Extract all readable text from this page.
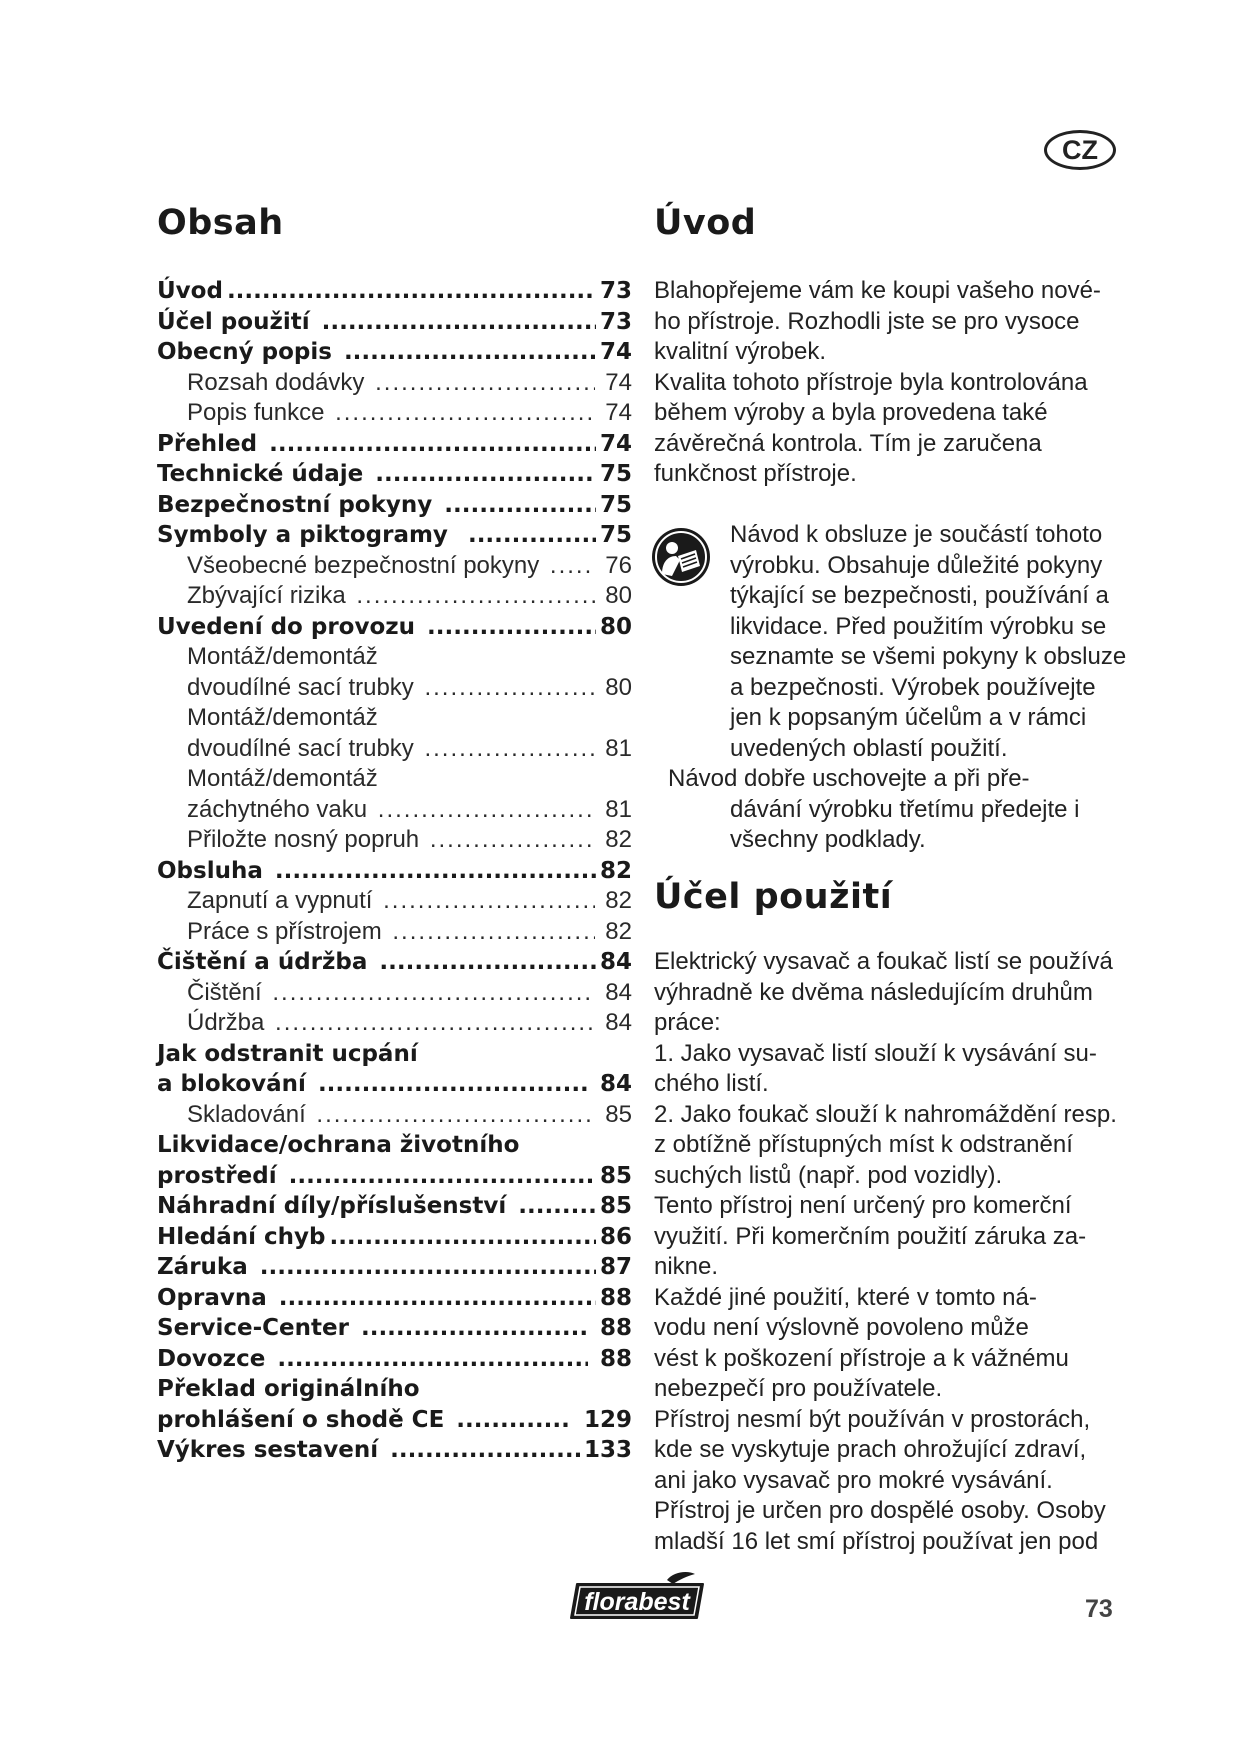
CZ
Obsah
Úvod .....	73
Účel použití .....	73
Obecný popis .....	74
Rozsah dodávky .....	74
Popis funkce .....	74
Přehled .....	74
Technické údaje .....	75
Bezpečnostní pokyny .....	75
Symboly a piktogramy .....	75
Všeobecné bezpečnostní pokyny ..... 76
Zbývající rizika .....	80
Uvedení do provozu .....	80
Montáž/demontáž
dvoudílné sací trubky .....	80
Montáž/demontáž
dvoudílné sací trubky .....	81
Montáž/demontáž
záchytného vaku .....	81
Přiložte nosný popruh .....	82
Obsluha .....	82
Zapnutí a vypnutí .....	82
Práce s přístrojem .....	82
Čištění a údržba .....	84
Čištění .....	84
Údržba .....	84
Jak odstranit ucpání
a blokování .....	84
Skladování .....	85
Likvidace/ochrana životního
prostředí .....	85
Náhradní díly/příslušenství .....	85
Hledání chyb .....	86
Záruka .....	87
Opravna .....	88
Service-Center .....	88
Dovozce .....	88
Překlad originálního
prohlášení o shodě CE .....	129
Výkres sestavení .....	133
Úvod
Blahopřejeme vám ke koupi vašeho nové-
ho přístroje. Rozhodli jste se pro vysoce
kvalitní výrobek.
Kvalita tohoto přístroje byla kontrolována
během výroby a byla provedena také
závěrečná kontrola. Tím je zaručena
funkčnost přístroje.
Návod k obsluze je součástí tohoto
výrobku. Obsahuje důležité pokyny
týkající se bezpečnosti, používání a
likvidace. Před použitím výrobku se
seznamte se všemi pokyny k obsluze
a bezpečnosti. Výrobek používejte
jen k popsaným účelům a v rámci
uvedených oblastí použití.
Návod dobře uschovejte a při pře-
dávání výrobku třetímu předejte i
všechny podklady.
Účel použití
Elektrický vysavač a foukač listí se používá
výhradně ke dvěma následujícím druhům
práce:
1. Jako vysavač listí slouží k vysávání su-
chého listí.
2. Jako foukač slouží k nahromáždění resp.
z obtížně přístupných míst k odstranění
suchých listů (např. pod vozidly).
Tento přístroj není určený pro komerční
využití. Při komerčním použití záruka za-
nikne.
Každé jiné použití, které v tomto ná-
vodu není výslovně povoleno může
vést k poškození přístroje a k vážnému
nebezpečí pro používatele.
Přístroj nesmí být používán v prostorách,
kde se vyskytuje prach ohrožující zdraví,
ani jako vysavač pro mokré vysávání.
Přístroj je určen pro dospělé osoby. Osoby
mladší 16 let smí přístroj používat jen pod
florabest	73
